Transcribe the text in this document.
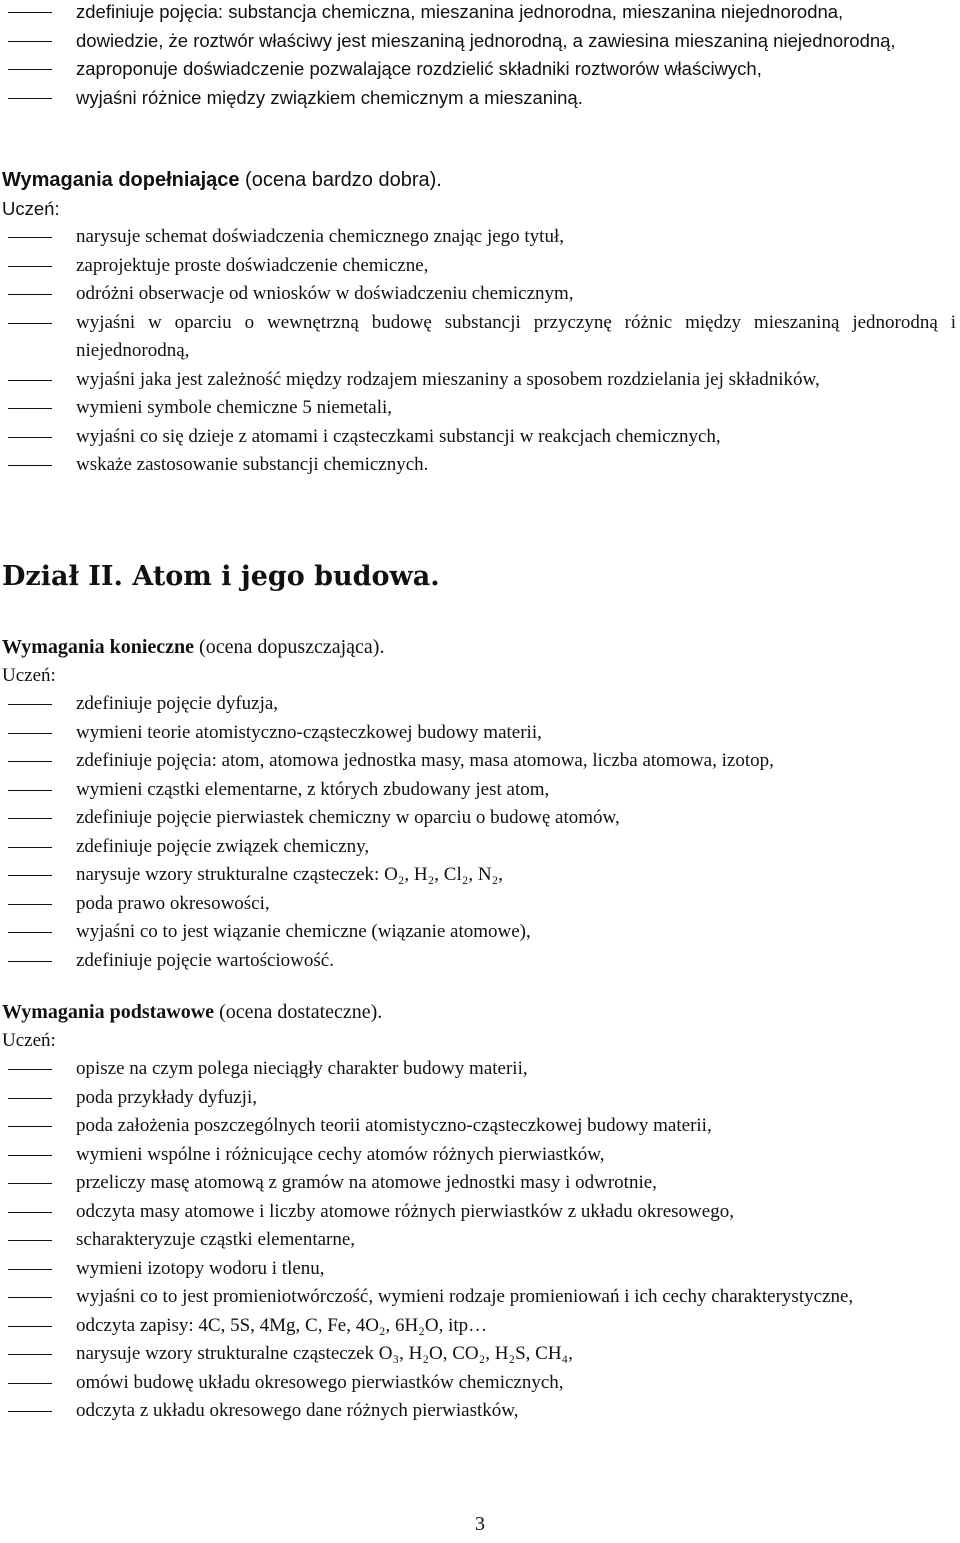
zdefiniuje pojęcia: substancja chemiczna, mieszanina jednorodna, mieszanina niejednorodna,
dowiedzie, że roztwór właściwy jest mieszaniną jednorodną, a zawiesina mieszaniną niejednorodną,
zaproponuje doświadczenie pozwalające rozdzielić składniki roztworów właściwych,
wyjaśni różnice między związkiem chemicznym a mieszaniną.
Wymagania dopełniające (ocena bardzo dobra).
Uczeń:
narysuje schemat doświadczenia chemicznego znając jego tytuł,
zaprojektuje proste doświadczenie chemiczne,
odróżni obserwacje od wniosków w doświadczeniu chemicznym,
wyjaśni w oparciu o wewnętrzną budowę substancji przyczynę różnic między mieszaniną jednorodną i niejednorodną,
wyjaśni jaka jest zależność między rodzajem mieszaniny a sposobem rozdzielania jej składników,
wymieni symbole chemiczne 5 niemetali,
wyjaśni co się dzieje z atomami i cząsteczkami substancji w reakcjach chemicznych,
wskaże zastosowanie substancji chemicznych.
Dział II. Atom i jego budowa.
Wymagania konieczne (ocena dopuszczająca).
Uczeń:
zdefiniuje pojęcie dyfuzja,
wymieni teorie atomistyczno-cząsteczkowej budowy materii,
zdefiniuje pojęcia: atom, atomowa jednostka masy, masa atomowa, liczba atomowa, izotop,
wymieni cząstki elementarne, z których zbudowany jest atom,
zdefiniuje pojęcie pierwiastek chemiczny w oparciu o budowę atomów,
zdefiniuje pojęcie związek chemiczny,
narysuje wzory strukturalne cząsteczek: O₂, H₂, Cl₂, N₂,
poda prawo okresowości,
wyjaśni co to jest wiązanie chemiczne (wiązanie atomowe),
zdefiniuje pojęcie wartościowość.
Wymagania podstawowe (ocena dostateczne).
Uczeń:
opisze na czym polega nieciągły charakter budowy materii,
poda przykłady dyfuzji,
poda założenia poszczególnych teorii atomistyczno-cząsteczkowej budowy materii,
wymieni wspólne i różnicujące cechy atomów różnych pierwiastków,
przeliczy masę atomową z gramów na atomowe jednostki masy i odwrotnie,
odczyta masy atomowe i liczby atomowe różnych pierwiastków z układu okresowego,
scharakteryzuje cząstki elementarne,
wymieni izotopy wodoru i tlenu,
wyjaśni co to jest promieniotwórczość, wymieni rodzaje promieniowań i ich cechy charakterystyczne,
odczyta zapisy: 4C, 5S, 4Mg, C, Fe, 4O₂, 6H₂O, itp…
narysuje wzory strukturalne cząsteczek O₃, H₂O, CO₂, H₂S, CH₄,
omówi budowę układu okresowego pierwiastków chemicznych,
odczyta z układu okresowego dane różnych pierwiastków,
3
